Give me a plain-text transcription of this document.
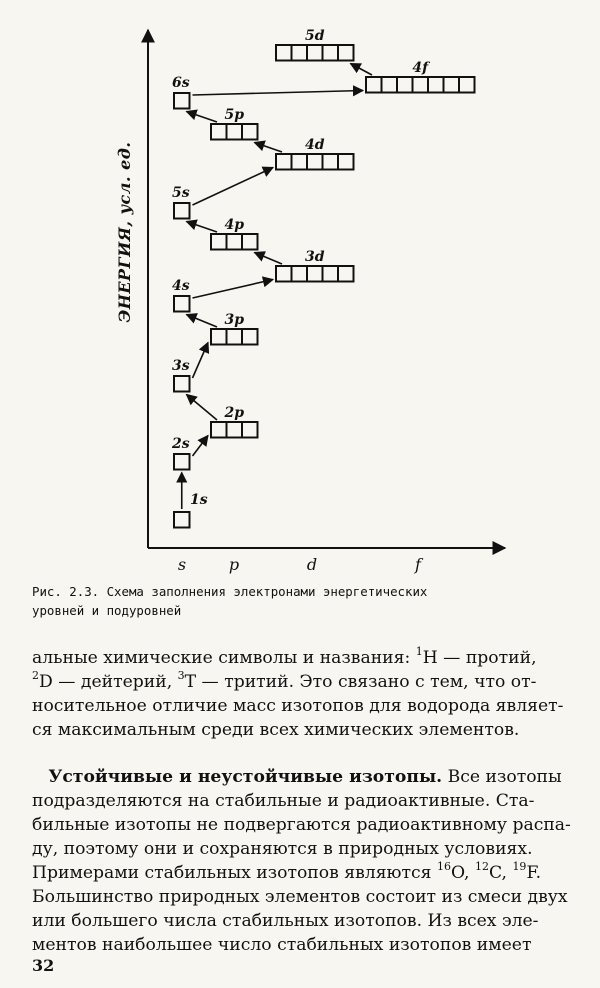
ЭНЕРГИЯ, усл. ед.
s	p	d	f
1s
2s
2p
3s
3p
4s
3d
4p
5s
4d
5p
6s
4f
5d
Рис. 2.3. Схема заполнения электронами энергетических
уровней и подуровней
альные химические символы и названия: $^1$H — протий,
$^2$D — дейтерий, $^3$T — тритий. Это связано с тем, что от-
носительное отличие масс изотопов для водорода являет-
ся максимальным среди всех химических элементов.
Устойчивые и неустойчивые изотопы. Все изотопы
подразделяются на стабильные и радиоактивные. Ста-
бильные изотопы не подвергаются радиоактивному распа-
ду, поэтому они и сохраняются в природных условиях.
Примерами стабильных изотопов являются $^{16}$O, $^{12}$C, $^{19}$F.
Большинство природных элементов состоит из смеси двух
или большего числа стабильных изотопов. Из всех эле-
ментов наибольшее число стабильных изотопов имеет
32
